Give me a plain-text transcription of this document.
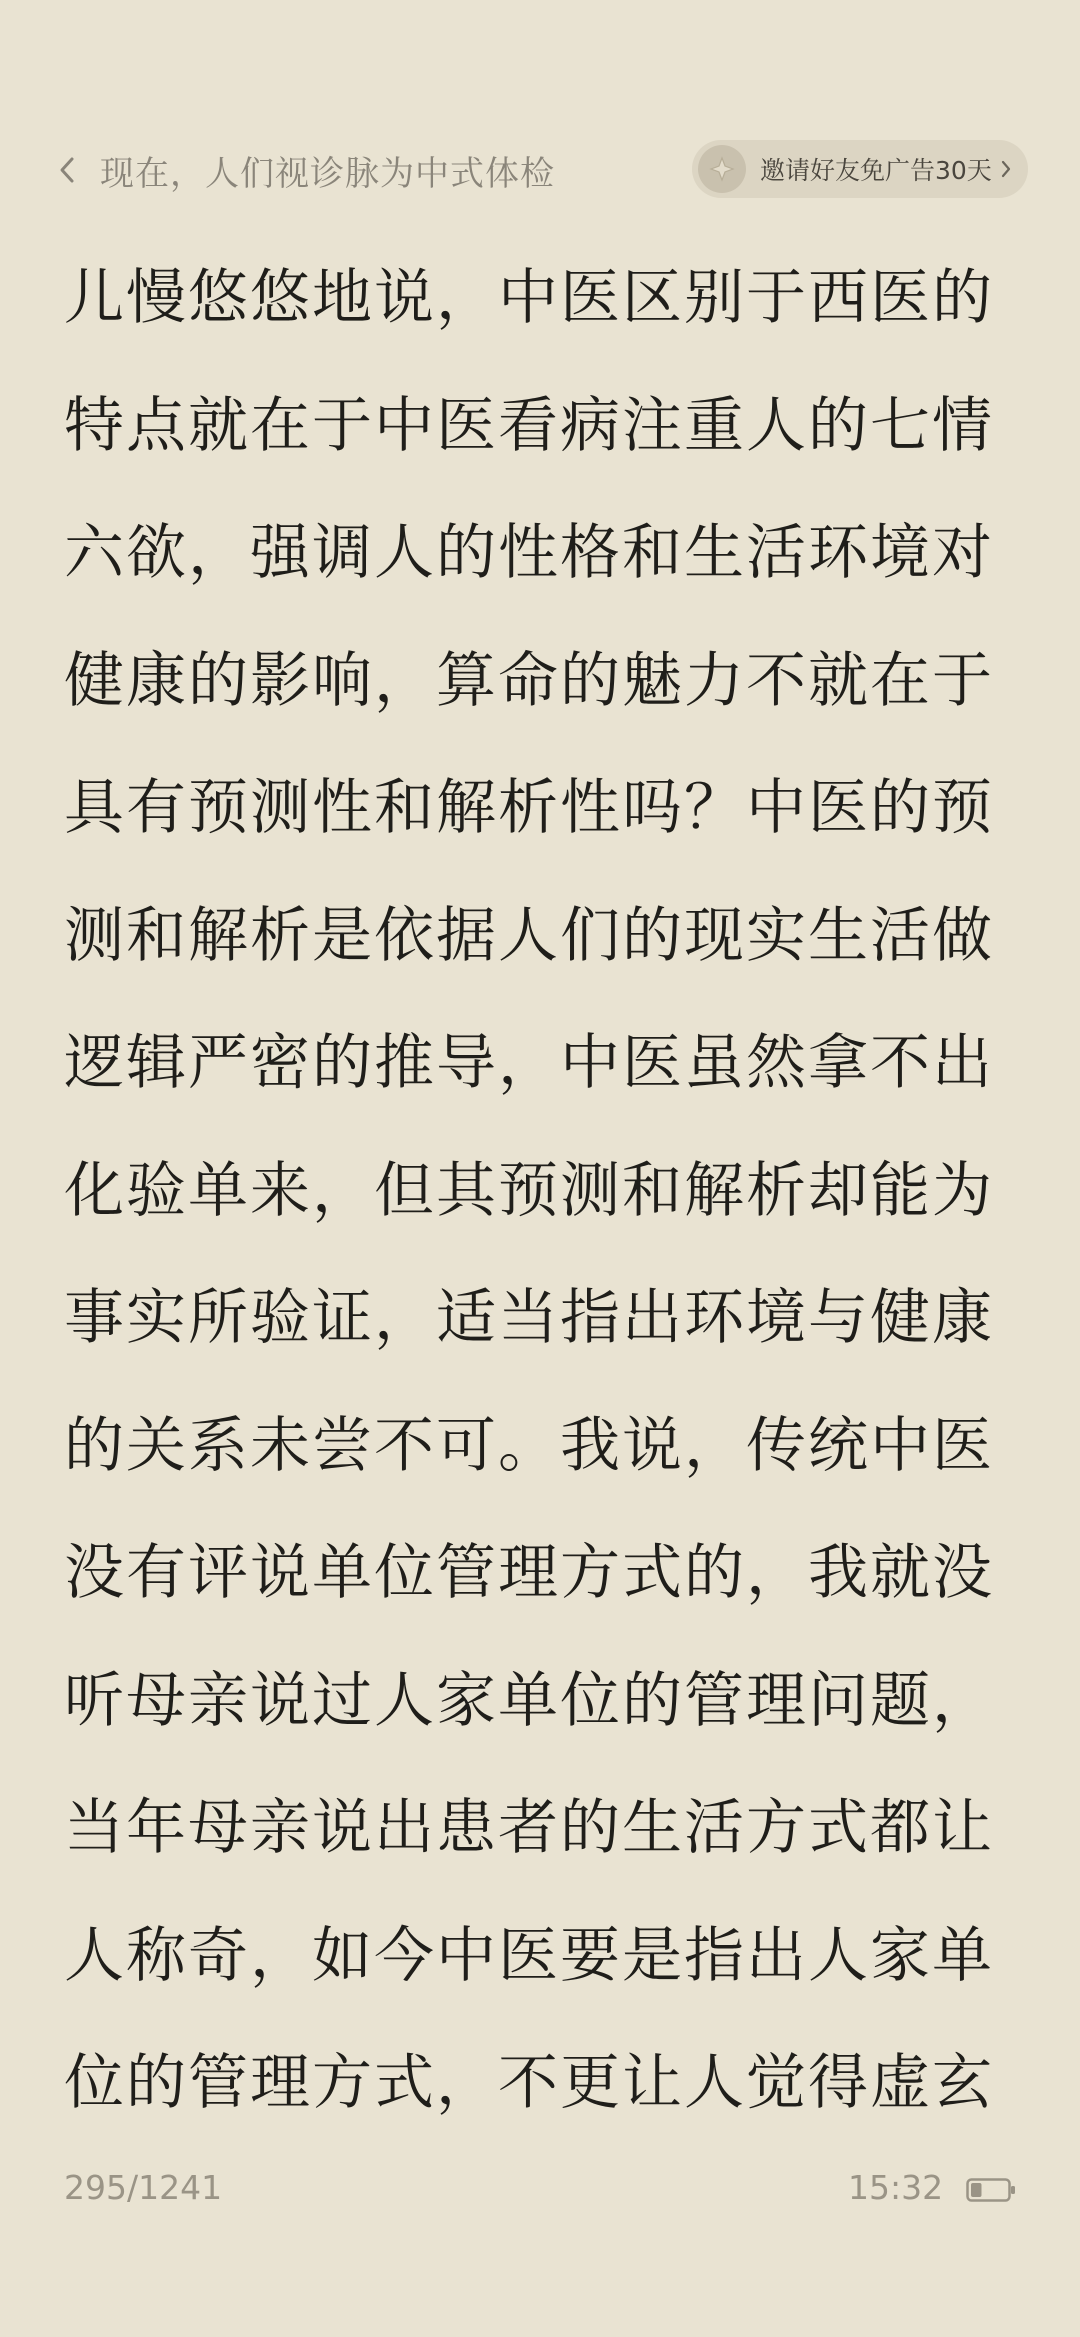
现在，人们视诊脉为中式体检	邀请好友免广告30天
儿慢悠悠地说，中医区别于西医的
特点就在于中医看病注重人的七情
六欲，强调人的性格和生活环境对
健康的影响，算命的魅力不就在于
具有预测性和解析性吗？中医的预
测和解析是依据人们的现实生活做
逻辑严密的推导，中医虽然拿不出
化验单来，但其预测和解析却能为
事实所验证，适当指出环境与健康
的关系未尝不可。我说，传统中医
没有评说单位管理方式的，我就没
听母亲说过人家单位的管理问题，
当年母亲说出患者的生活方式都让
人称奇，如今中医要是指出人家单
位的管理方式，不更让人觉得虚玄
295/1241	15:32
